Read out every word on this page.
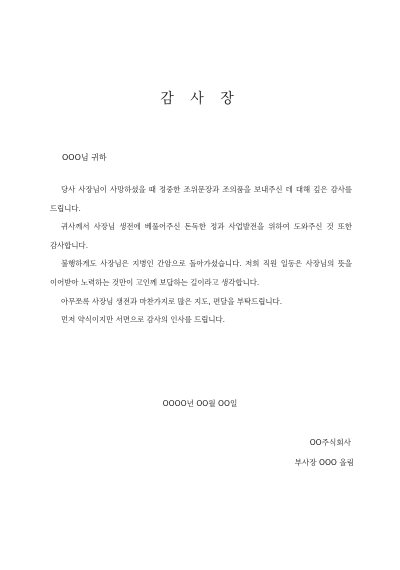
감 사 장
OOO님 귀하

당사 사장님이 사망하셨을 때 정중한 조위문장과 조의품을 보내주신 데 대해 깊은 감사를 드립니다.

귀사께서 사장님 생전에 베풀어주신 돈독한 정과 사업발전을 위하여 도와주신 것 또한 감사합니다.

불행하게도 사장님은 지병인 간암으로 돌아가셨습니다. 저희 직원 일동은 사장님의 뜻을 이어받아 노력하는 것만이 고인께 보답하는 길이라고 생각합니다.

아무쪼록 사장님 생전과 마찬가지로 많은 지도, 편달을 부탁드립니다.

먼저 약식이지만 서면으로 감사의 인사를 드립니다.

OOOO년 OO월 OO일
OO주식회사
부사장 OOO 올림
